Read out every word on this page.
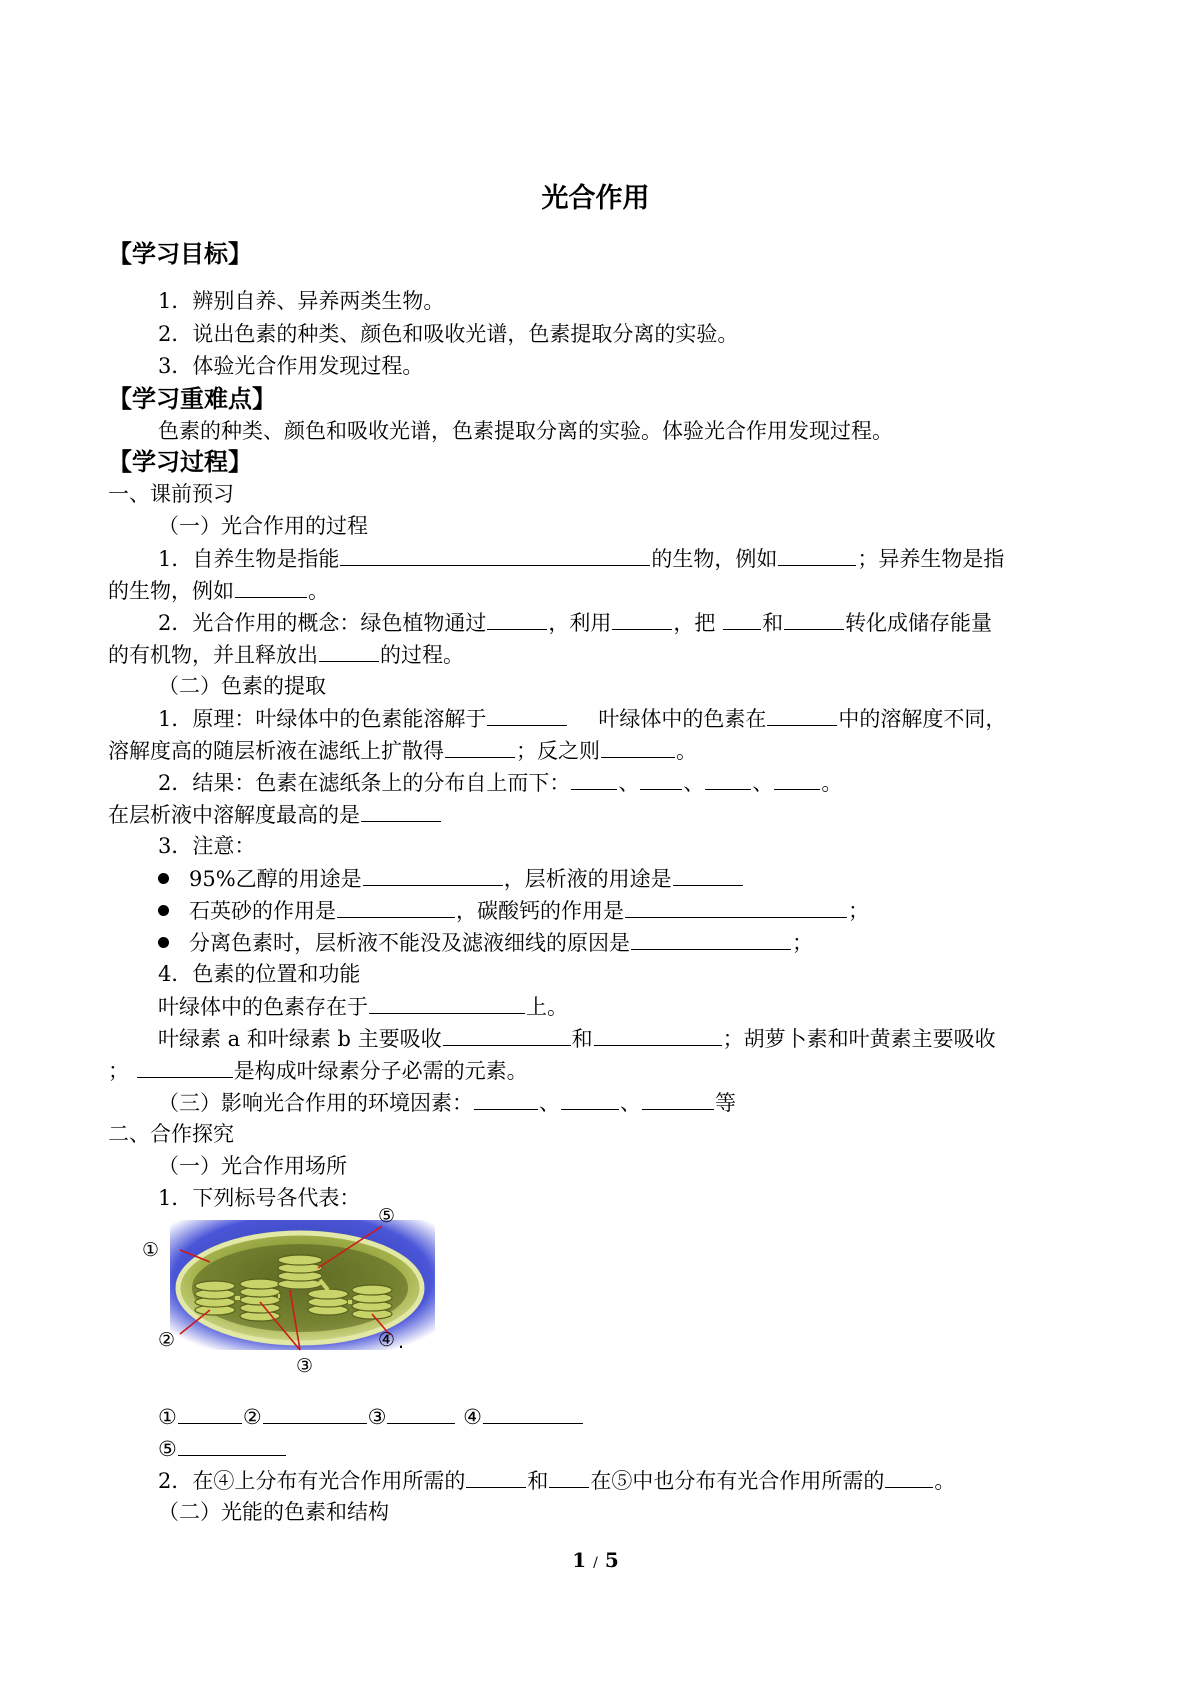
光合作用
【学习目标】
1．辨别自养、异养两类生物。
2．说出色素的种类、颜色和吸收光谱，色素提取分离的实验。
3．体验光合作用发现过程。
【学习重难点】
色素的种类、颜色和吸收光谱，色素提取分离的实验。体验光合作用发现过程。
【学习过程】
一、课前预习
（一）光合作用的过程
1．自养生物是指能	的生物，例如	；异养生物是指
的生物，例如	。
2．光合作用的概念：绿色植物通过	，利用	，把 和	转化成储存能量
的有机物，并且释放出	的过程。
（二）色素的提取
1．原理：叶绿体中的色素能溶解于	叶绿体中的色素在	中的溶解度不同，
溶解度高的随层析液在滤纸上扩散得	；反之则	。
2．结果：色素在滤纸条上的分布自上而下： 、 、 、 。
在层析液中溶解度最高的是
3．注意：
95%乙醇的用途是	，层析液的用途是
石英砂的作用是	，碳酸钙的作用是	；
分离色素时，层析液不能没及滤液细线的原因是	；
4．色素的位置和功能
叶绿体中的色素存在于	上。
叶绿素 a 和叶绿素 b 主要吸收	和	；胡萝卜素和叶黄素主要吸收
；	是构成叶绿素分子必需的元素。
（三）影响光合作用的环境因素：	、	、	等
二、合作探究
（一）光合作用场所
1．下列标号各代表：
①
②
③
④ .
⑤
①	②	③	④
⑤
2．在④上分布有光合作用所需的	和 在⑤中也分布有光合作用所需的 。
（二）光能的色素和结构
1 / 5
